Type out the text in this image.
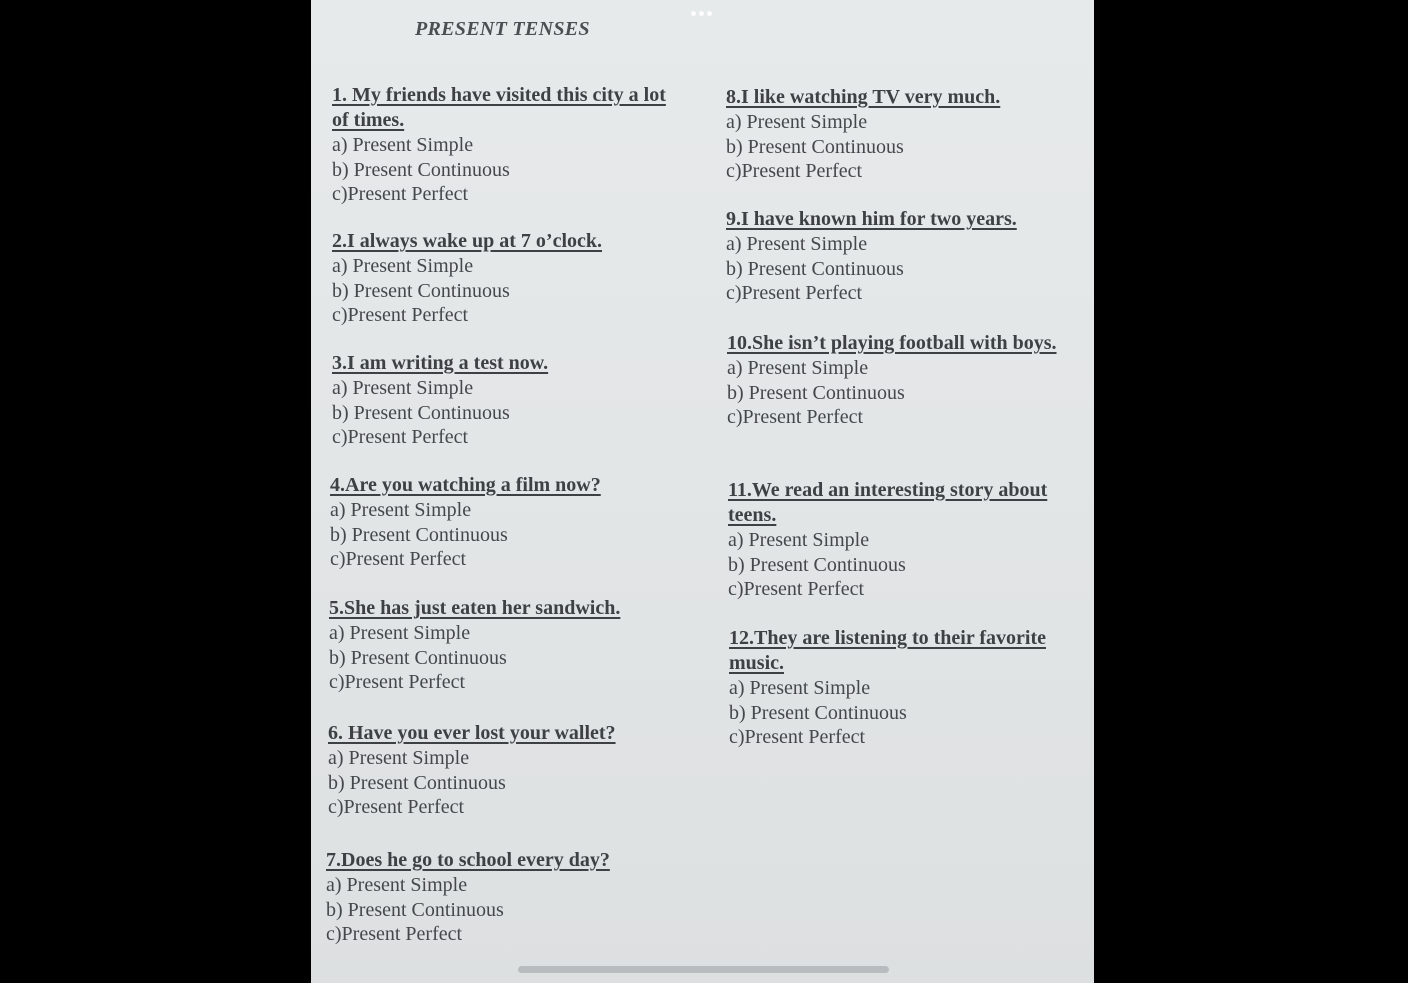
PRESENT TENSES
1. My friends have visited this city a lot of times.
a) Present Simple
b) Present Continuous
c)Present Perfect
2.I always wake up at 7 o’clock.
a) Present Simple
b) Present Continuous
c)Present Perfect
3.I am writing a test now.
a) Present Simple
b) Present Continuous
c)Present Perfect
4.Are you watching a film now?
a) Present Simple
b) Present Continuous
c)Present Perfect
5.She has just eaten her sandwich.
a) Present Simple
b) Present Continuous
c)Present Perfect
6. Have you ever lost your wallet?
a) Present Simple
b) Present Continuous
c)Present Perfect
7.Does he go to school every day?
a) Present Simple
b) Present Continuous
c)Present Perfect
8.I like watching TV very much.
a) Present Simple
b) Present Continuous
c)Present Perfect
9.I have known him for two years.
a) Present Simple
b) Present Continuous
c)Present Perfect
10.She isn’t playing football with boys.
a) Present Simple
b) Present Continuous
c)Present Perfect
11.We read an interesting story about teens.
a) Present Simple
b) Present Continuous
c)Present Perfect
12.They are listening to their favorite music.
a) Present Simple
b) Present Continuous
c)Present Perfect
